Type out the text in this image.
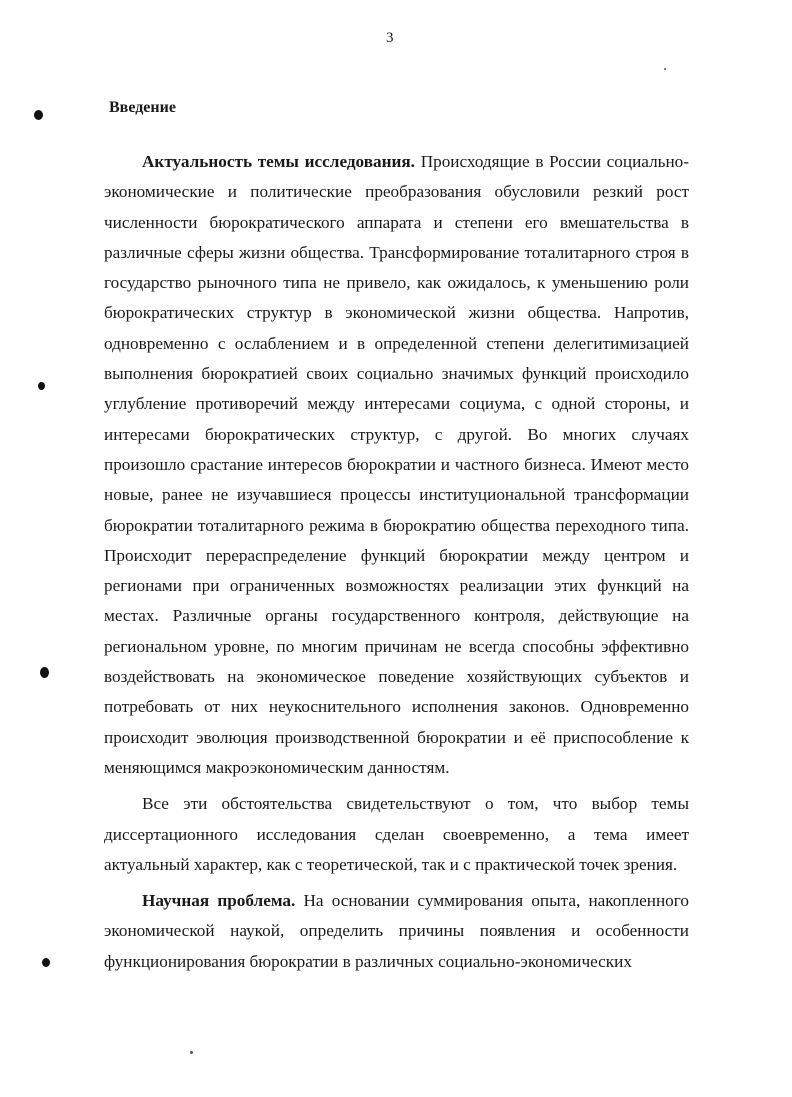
3
Введение

Актуальность темы исследования. Происходящие в России социально-экономические и политические преобразования обусловили резкий рост численности бюрократического аппарата и степени его вмешательства в различные сферы жизни общества. Трансформирование тоталитарного строя в государство рыночного типа не привело, как ожидалось, к уменьшению роли бюрократических структур в экономической жизни общества. Напротив, одновременно с ослаблением и в определенной степени делегитимизацией выполнения бюрократией своих социально значимых функций происходило углубление противоречий между интересами социума, с одной стороны, и интересами бюрократических структур, с другой. Во многих случаях произошло срастание интересов бюрократии и частного бизнеса. Имеют место новые, ранее не изучавшиеся процессы институциональной трансформации бюрократии тоталитарного режима в бюрократию общества переходного типа. Происходит перераспределение функций бюрократии между центром и регионами при ограниченных возможностях реализации этих функций на местах. Различные органы государственного контроля, действующие на региональном уровне, по многим причинам не всегда способны эффективно воздействовать на экономическое поведение хозяйствующих субъектов и потребовать от них неукоснительного исполнения законов. Одновременно происходит эволюция производственной бюрократии и её приспособление к меняющимся макроэкономическим данностям.

Все эти обстоятельства свидетельствуют о том, что выбор темы диссертационного исследования сделан своевременно, а тема имеет актуальный характер, как с теоретической, так и с практической точек зрения.

Научная проблема. На основании суммирования опыта, накопленного экономической наукой, определить причины появления и особенности функционирования бюрократии в различных социально-экономических
